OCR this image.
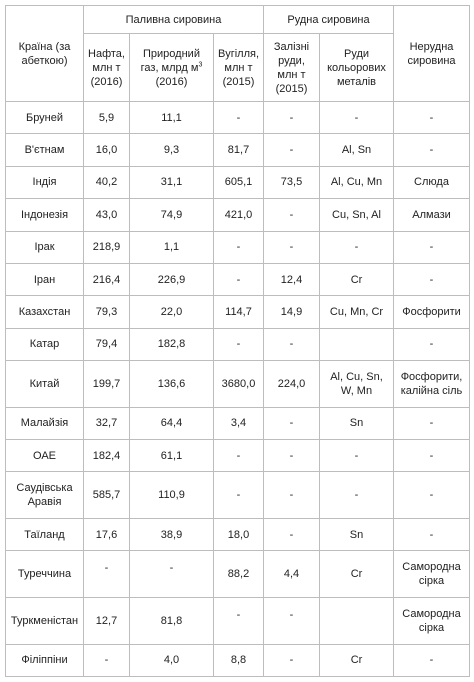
Країна (за абеткою)	Паливна сировина			Рудна сировина		Нерудна сировина
	Нафта, млн т (2016)	Природний газ, млрд $м^3$ (2016)	Вугілля, млн т (2015)	Залізні руди, млн т (2015)	Руди кольорових металів	
Бруней	5,9	11,1	-	-	-	-
В'єтнам	16,0	9,3	81,7	-	Al, Sn	-
Індія	40,2	31,1	605,1	73,5	Al, Cu, Mn	Слюда
Індонезія	43,0	74,9	421,0	-	Cu, Sn, Al	Алмази
Ірак	218,9	1,1	-	-	-	-
Іран	216,4	226,9	-	12,4	Cr	-
Казахстан	79,3	22,0	114,7	14,9	Cu, Mn, Cr	Фосфорити
Катар	79,4	182,8	-	-		-
Китай	199,7	136,6	3680,0	224,0	Al, Cu, Sn, W, Mn	Фосфорити, калійна сіль
Малайзія	32,7	64,4	3,4	-	Sn	-
ОАЕ	182,4	61,1	-	-	-	-
Саудівська Аравія	585,7	110,9	-	-	-	-
Таїланд	17,6	38,9	18,0	-	Sn	-
Туреччина	-	-	88,2	4,4	Cr	Самородна сірка
Туркменістан	12,7	81,8	-	-		Самородна сірка
Філіппіни	-	4,0	8,8	-	Cr	-
